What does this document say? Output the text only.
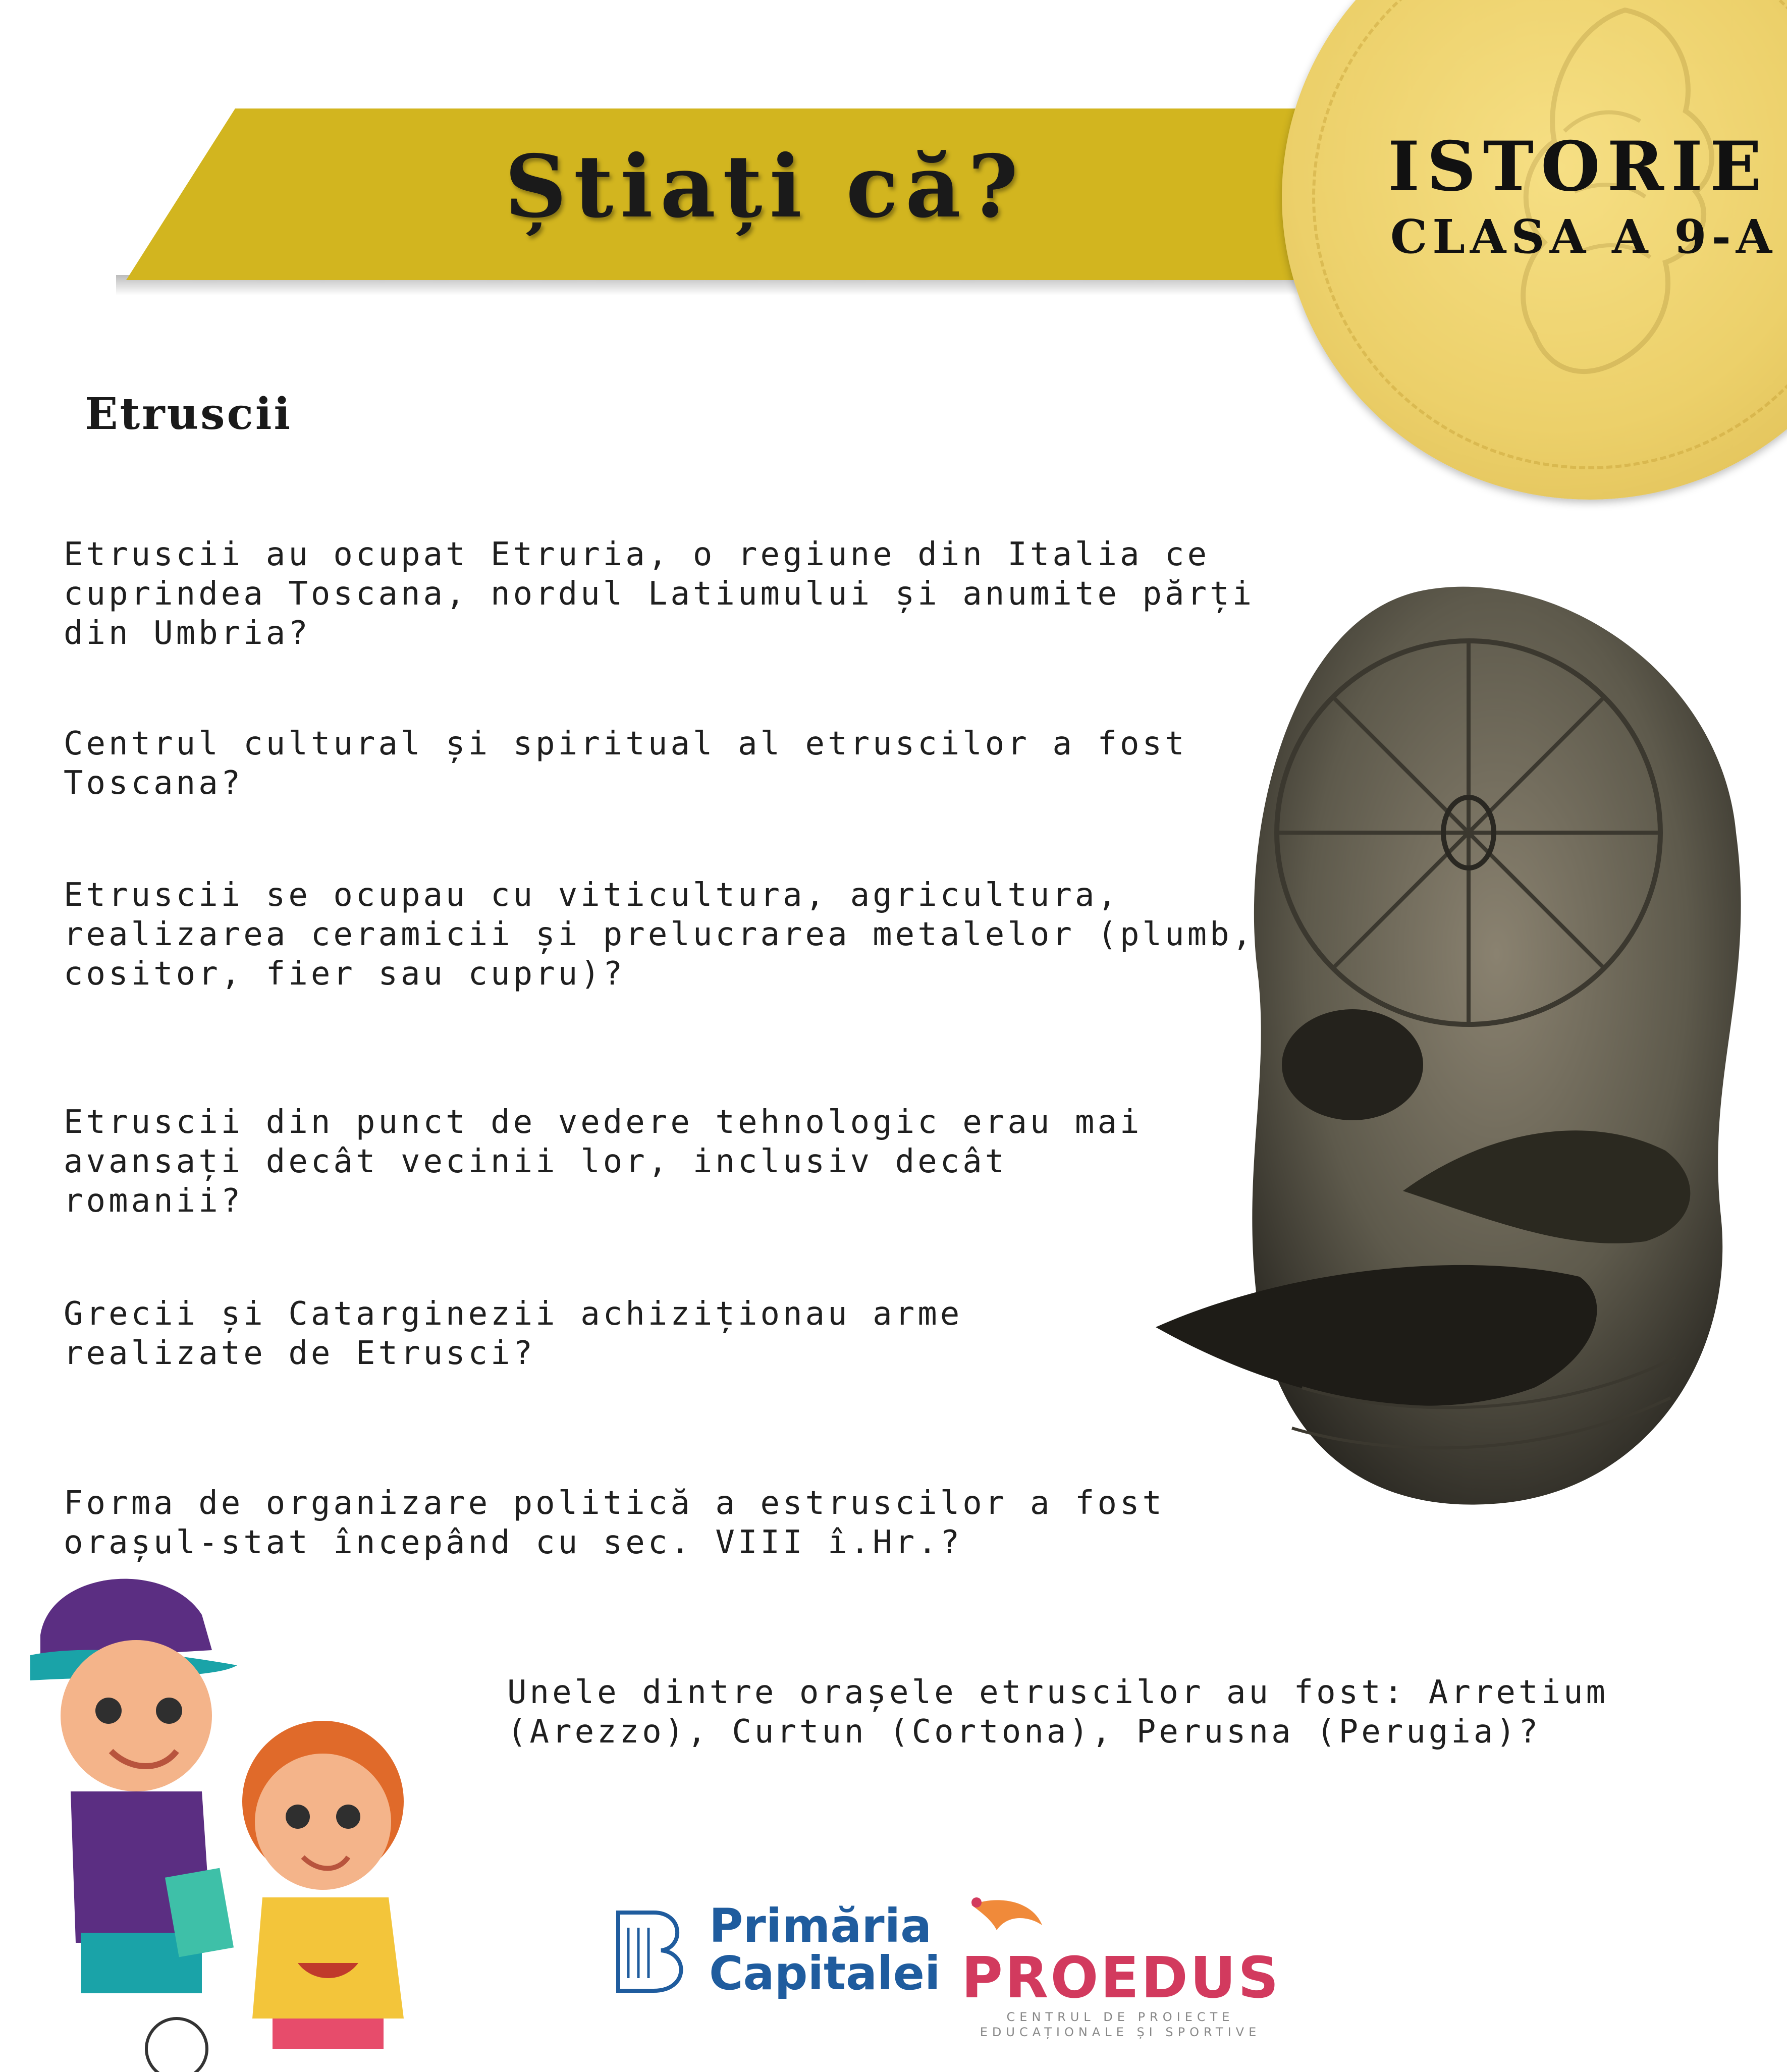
Știați că?	ISTORIE
CLASA A 9-A
Etruscii

Etruscii au ocupat Etruria, o regiune din Italia ce cuprindea Toscana, nordul Latiumului și anumite părți din Umbria?

Centrul cultural și spiritual al etruscilor a fost Toscana?

Etruscii se ocupau cu viticultura, agricultura, realizarea ceramicii și prelucrarea metalelor (plumb, cositor, fier sau cupru)?

Etruscii din punct de vedere tehnologic erau mai avansați decât vecinii lor, inclusiv decât romanii?

Grecii și Catarginezii achiziționau arme realizate de Etrusci?

Forma de organizare politică a estruscilor a fost orașul-stat începând cu sec. VIII î.Hr.?

Unele dintre orașele etruscilor au fost: Arretium (Arezzo), Curtun (Cortona), Perusna (Perugia)?

Primăria
Capitalei PROEDUS
CENTRUL DE PROIECTE EDUCAȚIONALE ȘI SPORTIVE
